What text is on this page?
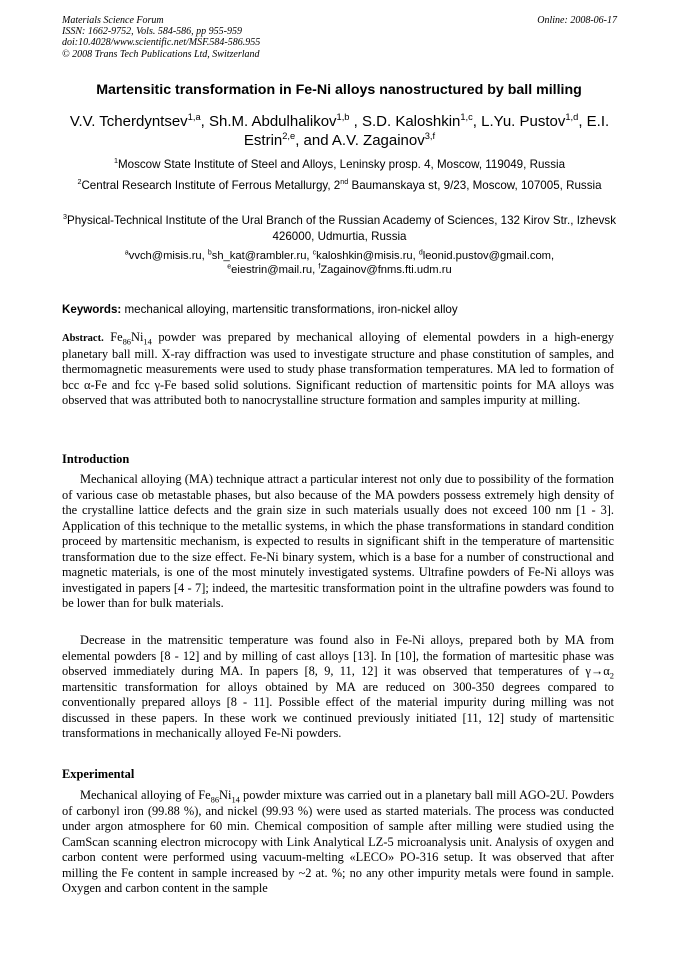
Materials Science Forum
ISSN: 1662-9752, Vols. 584-586, pp 955-959
doi:10.4028/www.scientific.net/MSF.584-586.955
© 2008 Trans Tech Publications Ltd, Switzerland
Online: 2008-06-17
Martensitic transformation in Fe-Ni alloys nanostructured by ball milling
V.V. Tcherdyntsev$^{1,a}$, Sh.M. Abdulhalikov$^{1,b}$ , S.D. Kaloshkin$^{1,c}$, L.Yu. Pustov$^{1,d}$, E.I. Estrin$^{2,e}$, and A.V. Zagainov$^{3,f}$
$^1$Moscow State Institute of Steel and Alloys, Leninsky prosp. 4, Moscow, 119049, Russia
$^2$Central Research Institute of Ferrous Metallurgy, 2nd Baumanskaya st, 9/23, Moscow, 107005, Russia
$^3$Physical-Technical Institute of the Ural Branch of the Russian Academy of Sciences, 132 Kirov Str., Izhevsk 426000, Udmurtia, Russia
$^a$vvch@misis.ru, $^b$sh_kat@rambler.ru, $^c$kaloshkin@misis.ru, $^d$leonid.pustov@gmail.com,
$^e$eiestrin@mail.ru, $^f$Zagainov@fnms.fti.udm.ru
Keywords: mechanical alloying, martensitic transformations, iron-nickel alloy
Abstract. $Fe_{86}Ni_{14}$ powder was prepared by mechanical alloying of elemental powders in a high-energy planetary ball mill. X-ray diffraction was used to investigate structure and phase constitution of samples, and thermomagnetic measurements were used to study phase transformation temperatures. MA led to formation of bcc α-Fe and fcc γ-Fe based solid solutions. Significant reduction of martensitic points for MA alloys was observed that was attributed both to nanocrystalline structure formation and samples impurity at milling.
Introduction
Mechanical alloying (MA) technique attract a particular interest not only due to possibility of the formation of various case ob metastable phases, but also because of the MA powders possess extremely high density of the crystalline lattice defects and the grain size in such materials usually does not exceed 100 nm [1 - 3]. Application of this technique to the metallic systems, in which the phase transformations in standard condition proceed by martensitic mechanism, is expected to results in significant shift in the temperature of martensitic transformation due to the size effect. Fe-Ni binary system, which is a base for a number of constructional and magnetic materials, is one of the most minutely investigated systems. Ultrafine powders of Fe-Ni alloys was investigated in papers [4 - 7]; indeed, the martesitic transformation point in the ultrafine powders was found to be lower than for bulk materials.
Decrease in the matrensitic temperature was found also in Fe-Ni alloys, prepared both by MA from elemental powders [8 - 12] and by milling of cast alloys [13]. In [10], the formation of martesitic phase was observed immediately during MA. In papers [8, 9, 11, 12] it was observed that temperatures of $\gamma\to\alpha_2$ martensitic transformation for alloys obtained by MA are reduced on 300-350 degrees compared to conventionally prepared alloys [8 - 11]. Possible effect of the material impurity during milling was not discussed in these papers. In these work we continued previously initiated [11, 12] study of martensitic transformations in mechanically alloyed Fe-Ni powders.
Experimental
Mechanical alloying of $Fe_{86}Ni_{14}$ powder mixture was carried out in a planetary ball mill AGO-2U. Powders of carbonyl iron (99.88 %), and nickel (99.93 %) were used as started materials. The process was conducted under argon atmosphere for 60 min. Chemical composition of sample after milling were studied using the CamScan scanning electron microcopy with Link Analytical LZ-5 microanalysis unit. Analysis of oxygen and carbon content were performed using vacuum-melting «LECO» PO-316 setup. It was observed that after milling the Fe content in sample increased by ~2 at. %; no any other impurity metals were found in sample. Oxygen and carbon content in the sample
